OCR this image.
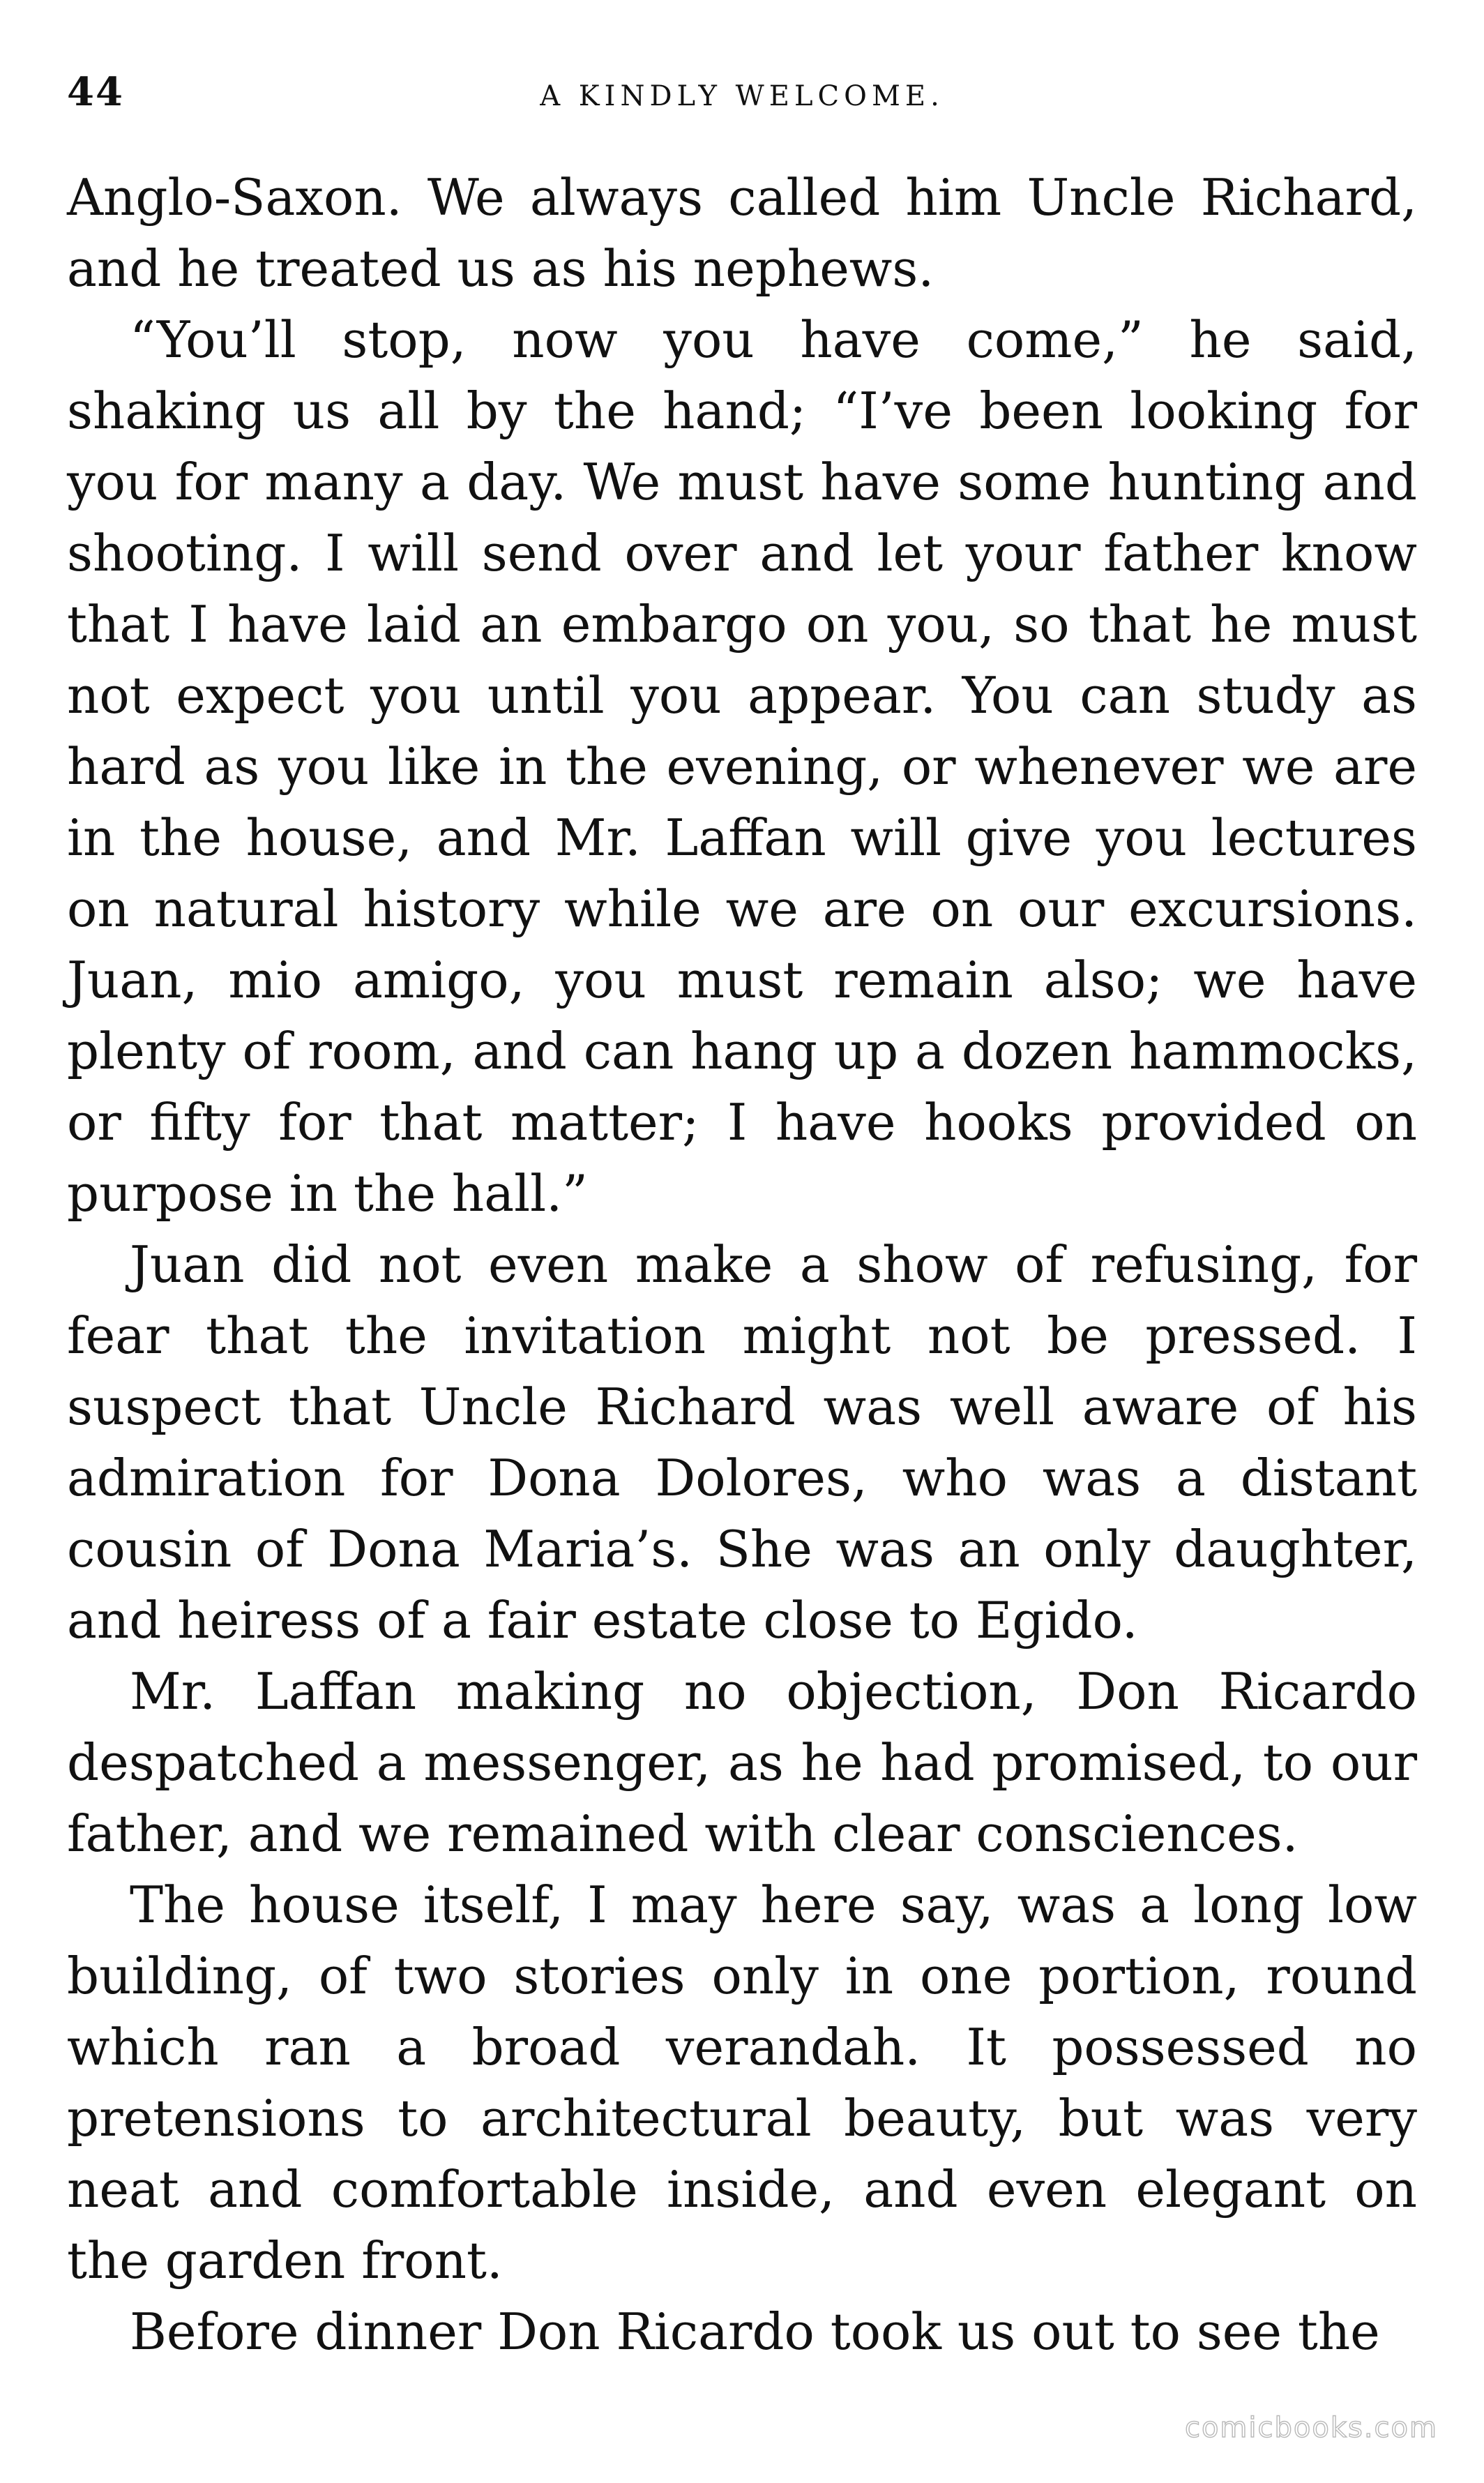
44	A KINDLY WELCOME.

Anglo-Saxon. We always called him Uncle Richard, and he treated us as his nephews.

“You’ll stop, now you have come,” he said, shaking us all by the hand; “I’ve been looking for you for many a day. We must have some hunting and shooting. I will send over and let your father know that I have laid an embargo on you, so that he must not expect you until you appear. You can study as hard as you like in the evening, or whenever we are in the house, and Mr. Laffan will give you lectures on natural history while we are on our excursions. Juan, mio amigo, you must remain also; we have plenty of room, and can hang up a dozen hammocks, or fifty for that matter; I have hooks provided on purpose in the hall.”

Juan did not even make a show of refusing, for fear that the invitation might not be pressed. I suspect that Uncle Richard was well aware of his admiration for Dona Dolores, who was a distant cousin of Dona Maria’s. She was an only daughter, and heiress of a fair estate close to Egido.

Mr. Laffan making no objection, Don Ricardo despatched a messenger, as he had promised, to our father, and we remained with clear consciences.

The house itself, I may here say, was a long low building, of two stories only in one portion, round which ran a broad verandah. It possessed no pretensions to architectural beauty, but was very neat and comfortable inside, and even elegant on the garden front.

Before dinner Don Ricardo took us out to see the

comicbooks.com
